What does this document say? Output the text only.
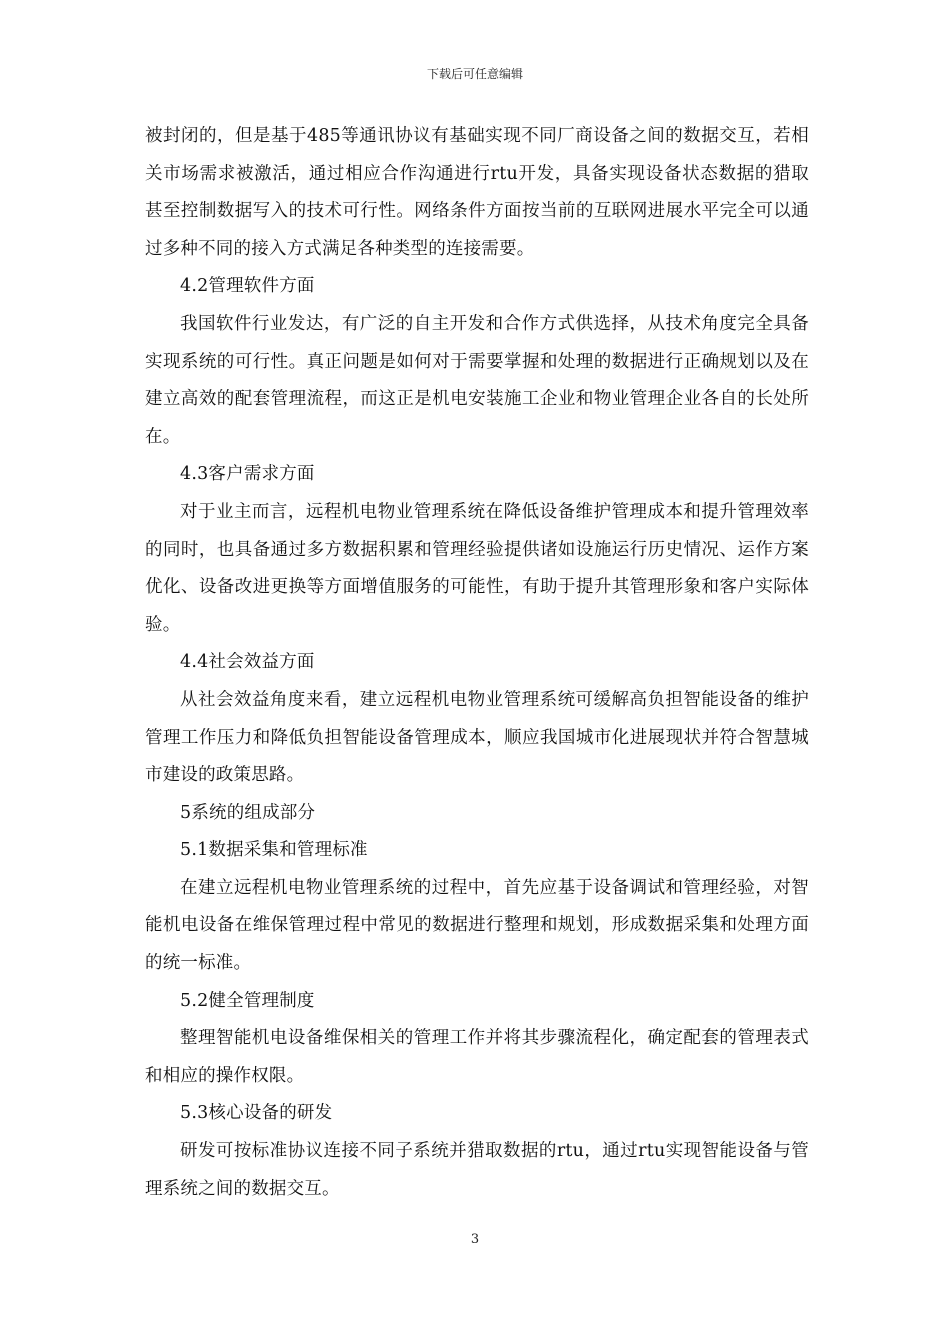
下载后可任意编辑

被封闭的，但是基于485等通讯协议有基础实现不同厂商设备之间的数据交互，若相关市场需求被激活，通过相应合作沟通进行rtu开发，具备实现设备状态数据的猎取甚至控制数据写入的技术可行性。网络条件方面按当前的互联网进展水平完全可以通过多种不同的接入方式满足各种类型的连接需要。

4.2管理软件方面

我国软件行业发达，有广泛的自主开发和合作方式供选择，从技术角度完全具备实现系统的可行性。真正问题是如何对于需要掌握和处理的数据进行正确规划以及在建立高效的配套管理流程，而这正是机电安装施工企业和物业管理企业各自的长处所在。

4.3客户需求方面

对于业主而言，远程机电物业管理系统在降低设备维护管理成本和提升管理效率的同时，也具备通过多方数据积累和管理经验提供诸如设施运行历史情况、运作方案优化、设备改进更换等方面增值服务的可能性，有助于提升其管理形象和客户实际体验。

4.4社会效益方面

从社会效益角度来看，建立远程机电物业管理系统可缓解高负担智能设备的维护管理工作压力和降低负担智能设备管理成本，顺应我国城市化进展现状并符合智慧城市建设的政策思路。

5系统的组成部分

5.1数据采集和管理标准

在建立远程机电物业管理系统的过程中，首先应基于设备调试和管理经验，对智能机电设备在维保管理过程中常见的数据进行整理和规划，形成数据采集和处理方面的统一标准。

5.2健全管理制度

整理智能机电设备维保相关的管理工作并将其步骤流程化，确定配套的管理表式和相应的操作权限。

5.3核心设备的研发

研发可按标准协议连接不同子系统并猎取数据的rtu，通过rtu实现智能设备与管理系统之间的数据交互。

3
